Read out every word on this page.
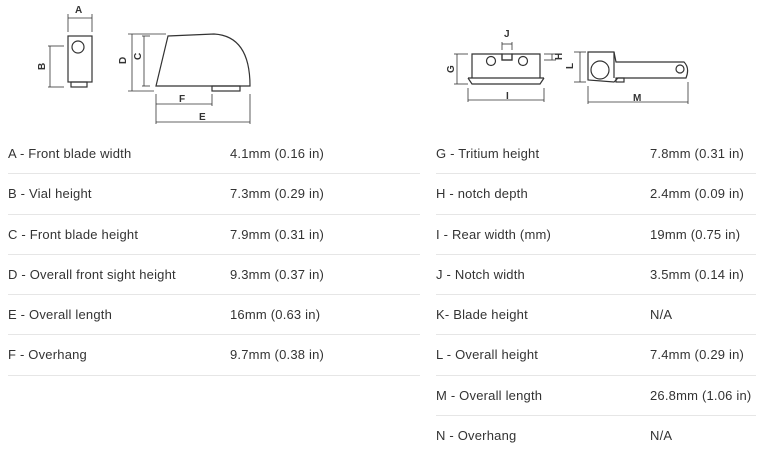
A
B
D
C
F
E
J
G
H
I
L
M
A - Front blade width	4.1mm (0.16 in)
B - Vial height	7.3mm (0.29 in)
C - Front blade height	7.9mm (0.31 in)
D - Overall front sight height	9.3mm (0.37 in)
E - Overall length	16mm (0.63 in)
F - Overhang	9.7mm (0.38 in)
G - Tritium height	7.8mm (0.31 in)
H - notch depth	2.4mm (0.09 in)
I - Rear width (mm)	19mm (0.75 in)
J - Notch width	3.5mm (0.14 in)
K- Blade height	N/A
L - Overall height	7.4mm (0.29 in)
M - Overall length	26.8mm (1.06 in)
N - Overhang	N/A
